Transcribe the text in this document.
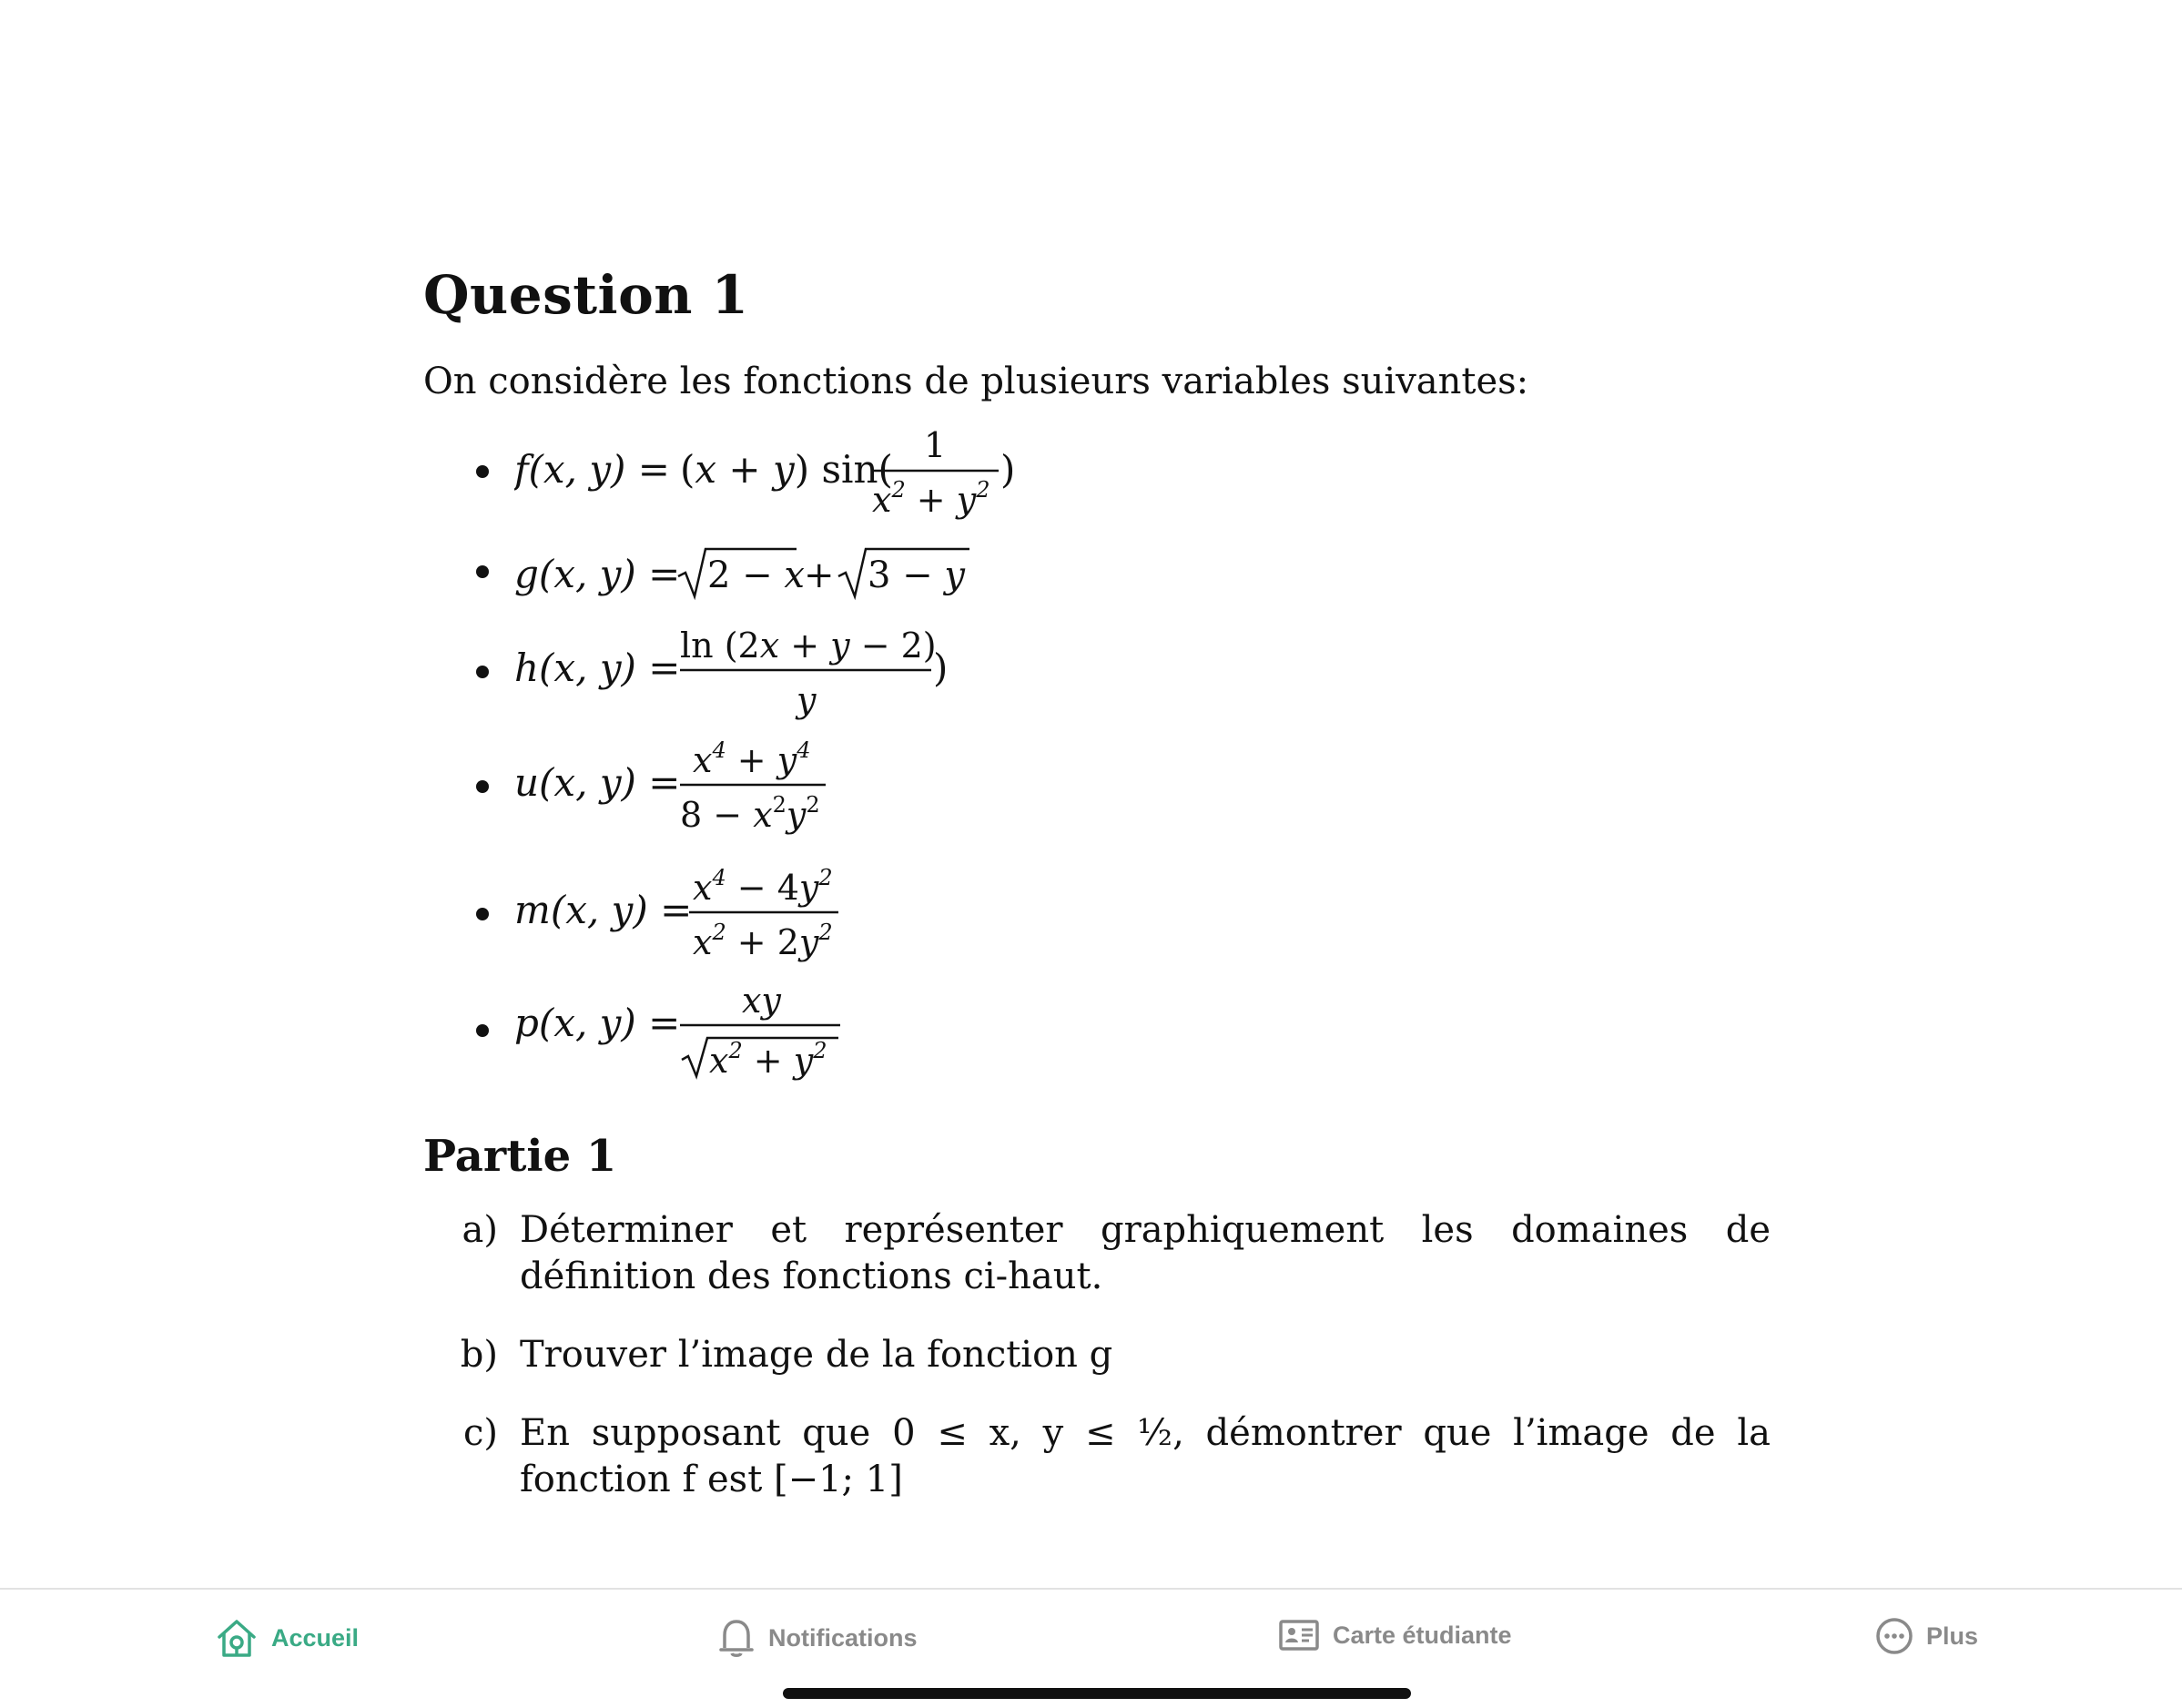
Question 1
On considère les fonctions de plusieurs variables suivantes:
f(x, y) = (x + y) sin(
1
$x^2 + y^2$ )
g(x, y) = 2 − x + 3 − y
h(x, y) = ln (2x + y − 2)
y
)
u(x, $y) = x^4 + y^4$
$8 - x^2y^2$
m(x, $y) = x^4 - 4y^2$
$x^2 + 2y^2$
p(x, y) = xy
$x^2 + y^2$
Partie 1
a) Déterminer et représenter graphiquement les domaines de définition des fonctions ci-haut.
b) Trouver l’image de la fonction g
c) En supposant que 0 ≤ x, y ≤ ½, démontrer que l’image de la fonction f est [−1; 1]
Accueil	Notifications	Carte étudiante	Plus
